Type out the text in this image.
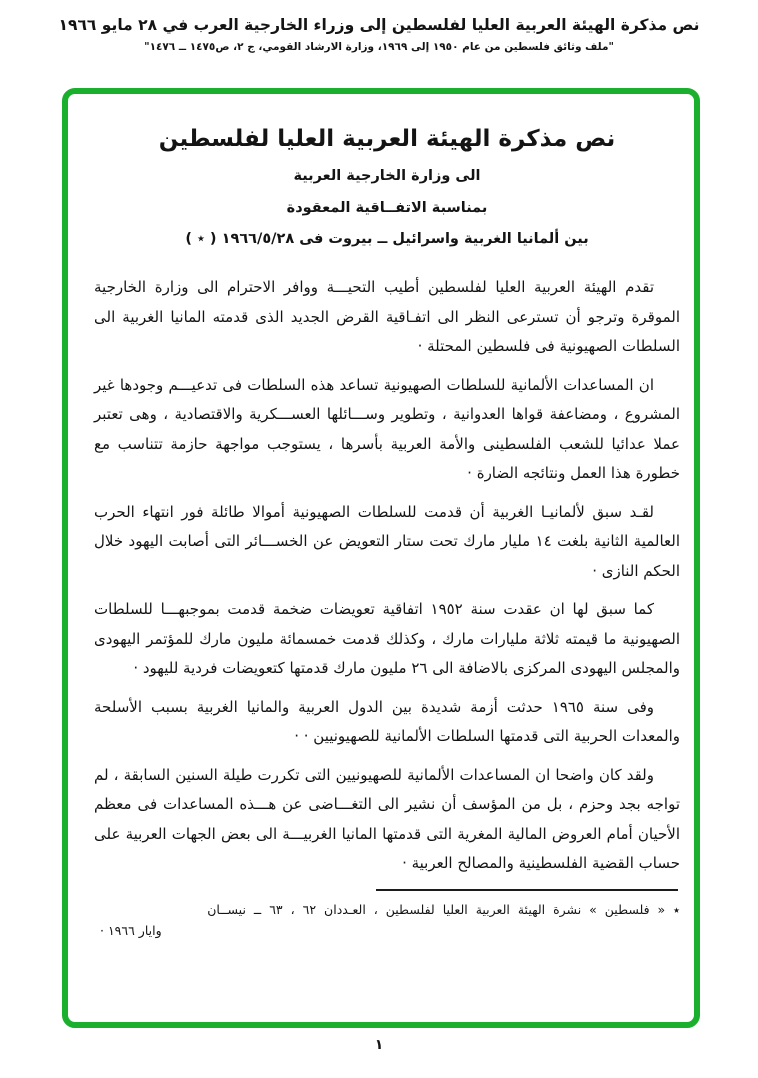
نص مذكرة الهيئة العربية العليا لفلسطين إلى وزراء الخارجية العرب في ٢٨ مايو ١٩٦٦
"ملف وثائق فلسطين من عام ١٩٥٠ إلى ١٩٦٩، وزارة الارشاد القومي، ج ٢، ص١٤٧٥ ــ ١٤٧٦"
نص مذكرة الهيئة العربية العليا لفلسطين
الى وزارة الخارجية العربية
بمناسبة الاتفــاقية المعقودة
بين ألمانيا الغربية واسرائيل ــ بيروت فى ١٩٦٦/٥/٢٨ ( ٭ )

تقدم الهيئة العربية العليا لفلسطين أطيب التحيـــة ووافر الاحترام الى وزارة الخارجية الموقرة وترجو أن تسترعى النظر الى اتفـاقية القرض الجديد الذى قدمته المانيا الغربية الى السلطات الصهيونية فى فلسطين المحتلة ·

ان المساعدات الألمانية للسلطات الصهيونية تساعد هذه السلطات فى تدعيـــم وجودها غير المشروع ، ومضاعفة قواها العدوانية ، وتطوير وســـائلها العســـكرية والاقتصادية ، وهى تعتبر عملا عدائيا للشعب الفلسطينى والأمة العربية بأسرها ، يستوجب مواجهة حازمة تتناسب مع خطورة هذا العمل ونتائجه الضارة ·

لقـد سبق لألمانيـا الغربية أن قدمت للسلطات الصهيونية أموالا طائلة فور انتهاء الحرب العالمية الثانية بلغت ١٤ مليار مارك تحت ستار التعويض عن الخســـائر التى أصابت اليهود خلال الحكم النازى ·

كما سبق لها ان عقدت سنة ١٩٥٢ اتفاقية تعويضات ضخمة قدمت بموجبهـــا للسلطات الصهيونية ما قيمته ثلاثة مليارات مارك ، وكذلك قدمت خمسمائة مليون مارك للمؤتمر اليهودى والمجلس اليهودى المركزى بالاضافة الى ٢٦ مليون مارك قدمتها كتعويضات فردية لليهود ·

وفى سنة ١٩٦٥ حدثت أزمة شديدة بين الدول العربية والمانيا الغربية بسبب الأسلحة والمعدات الحربية التى قدمتها السلطات الألمانية للصهيونيين · ·

ولقد كان واضحا ان المساعدات الألمانية للصهيونيين التى تكررت طيلة السنين السابقة ، لم تواجه بجد وحزم ، بل من المؤسف أن نشير الى التغـــاضى عن هـــذه المساعدات فى معظم الأحيان أمام العروض المالية المغرية التى قدمتها المانيا الغربيـــة الى بعض الجهات العربية على حساب القضية الفلسطينية والمصالح العربية ·

٭ « فلسطين » نشرة الهيئة العربية العليا لفلسطين ، العـددان ٦٢ ، ٦٣ ــ نيســان
وايار ١٩٦٦ ·
١
